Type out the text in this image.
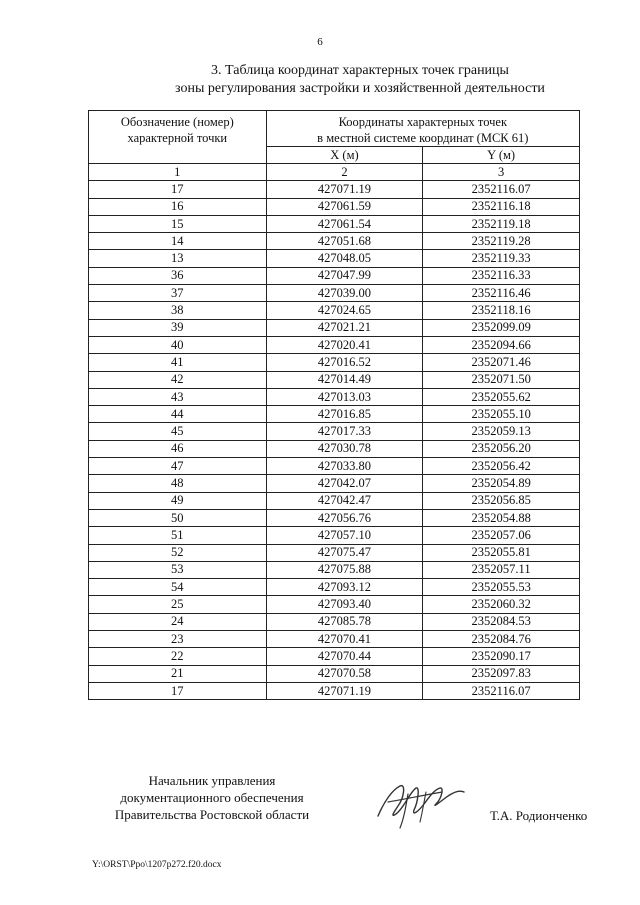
6
3. Таблица координат характерных точек границы
зоны регулирования застройки и хозяйственной деятельности
Обозначение (номер)
характерной точки	Координаты характерных точек
в местной системе координат (МСК 61)	

	X (м)	Y (м)
1	2	3
17	427071.19	2352116.07
16	427061.59	2352116.18
15	427061.54	2352119.18
14	427051.68	2352119.28
13	427048.05	2352119.33
36	427047.99	2352116.33
37	427039.00	2352116.46
38	427024.65	2352118.16
39	427021.21	2352099.09
40	427020.41	2352094.66
41	427016.52	2352071.46
42	427014.49	2352071.50
43	427013.03	2352055.62
44	427016.85	2352055.10
45	427017.33	2352059.13
46	427030.78	2352056.20
47	427033.80	2352056.42
48	427042.07	2352054.89
49	427042.47	2352056.85
50	427056.76	2352054.88
51	427057.10	2352057.06
52	427075.47	2352055.81
53	427075.88	2352057.11
54	427093.12	2352055.53
25	427093.40	2352060.32
24	427085.78	2352084.53
23	427070.41	2352084.76
22	427070.44	2352090.17
21	427070.58	2352097.83
17	427071.19	2352116.07
Начальник управления
документационного обеспечения
Правительства Ростовской области	Т.А. Родионченко
Y:\ORST\Ppo\1207p272.f20.docx
